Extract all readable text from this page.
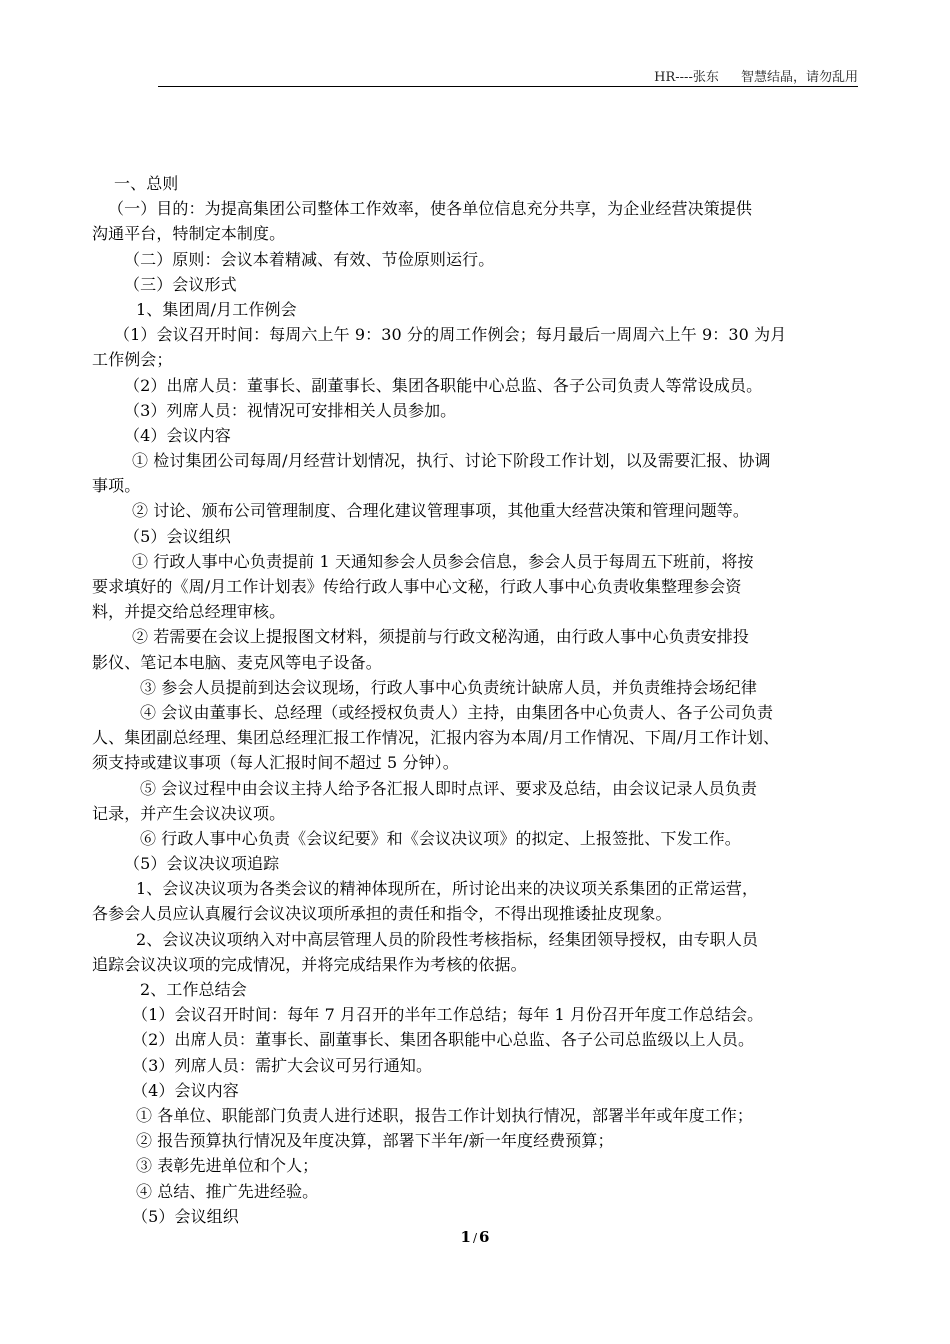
HR----张东 智慧结晶，请勿乱用
一、总则
（一）目的：为提高集团公司整体工作效率，使各单位信息充分共享，为企业经营决策提供
沟通平台，特制定本制度。
（二）原则：会议本着精减、有效、节俭原则运行。
（三）会议形式
1、集团周/月工作例会
（1）会议召开时间：每周六上午 9：30 分的周工作例会；每月最后一周周六上午 9：30 为月
工作例会；
（2）出席人员：董事长、副董事长、集团各职能中心总监、各子公司负责人等常设成员。
（3）列席人员：视情况可安排相关人员参加。
（4）会议内容
① 检讨集团公司每周/月经营计划情况，执行、讨论下阶段工作计划，以及需要汇报、协调
事项。
② 讨论、颁布公司管理制度、合理化建议管理事项，其他重大经营决策和管理问题等。
（5）会议组织
① 行政人事中心负责提前 1 天通知参会人员参会信息，参会人员于每周五下班前，将按
要求填好的《周/月工作计划表》传给行政人事中心文秘，行政人事中心负责收集整理参会资
料，并提交给总经理审核。
② 若需要在会议上提报图文材料，须提前与行政文秘沟通，由行政人事中心负责安排投
影仪、笔记本电脑、麦克风等电子设备。
③ 参会人员提前到达会议现场，行政人事中心负责统计缺席人员，并负责维持会场纪律
④ 会议由董事长、总经理（或经授权负责人）主持，由集团各中心负责人、各子公司负责
人、集团副总经理、集团总经理汇报工作情况，汇报内容为本周/月工作情况、下周/月工作计划、
须支持或建议事项（每人汇报时间不超过 5 分钟）。
⑤ 会议过程中由会议主持人给予各汇报人即时点评、要求及总结，由会议记录人员负责
记录，并产生会议决议项。
⑥ 行政人事中心负责《会议纪要》和《会议决议项》的拟定、上报签批、下发工作。
（5）会议决议项追踪
1、会议决议项为各类会议的精神体现所在，所讨论出来的决议项关系集团的正常运营，
各参会人员应认真履行会议决议项所承担的责任和指令，不得出现推诿扯皮现象。
2、会议决议项纳入对中高层管理人员的阶段性考核指标，经集团领导授权，由专职人员
追踪会议决议项的完成情况，并将完成结果作为考核的依据。
2、工作总结会
（1）会议召开时间：每年 7 月召开的半年工作总结；每年 1 月份召开年度工作总结会。
（2）出席人员：董事长、副董事长、集团各职能中心总监、各子公司总监级以上人员。
（3）列席人员：需扩大会议可另行通知。
（4）会议内容
① 各单位、职能部门负责人进行述职，报告工作计划执行情况，部署半年或年度工作；
② 报告预算执行情况及年度决算，部署下半年/新一年度经费预算；
③ 表彰先进单位和个人；
④ 总结、推广先进经验。
（5）会议组织
1 / 6
